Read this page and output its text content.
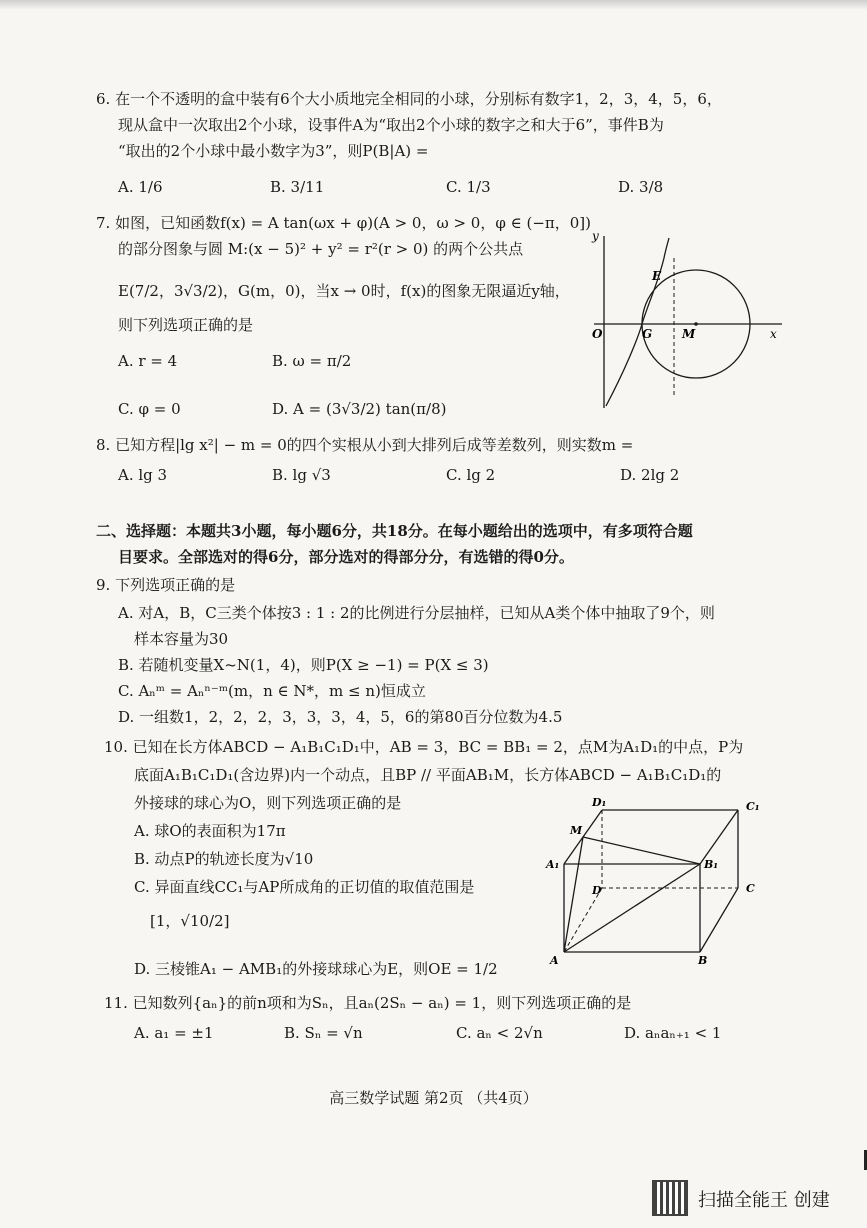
6. 在一个不透明的盒中装有6个大小质地完全相同的小球，分别标有数字1，2，3，4，5，6，
现从盒中一次取出2个小球，设事件A为“取出2个小球的数字之和大于6”，事件B为
“取出的2个小球中最小数字为3”，则P(B|A) =
A. 1/6	B. 3/11	C. 1/3	D. 3/8
7. 如图，已知函数f(x) = A tan(ωx + φ)(A > 0，ω > 0，φ ∈ (−π，0])
的部分图象与圆 M:(x − 5)² + y² = r²(r > 0) 的两个公共点
E(7/2，3√3/2)，G(m，0)，当x → 0时，f(x)的图象无限逼近y轴，
则下列选项正确的是
A. r = 4	B. ω = π/2
C. φ = 0	D. A = (3√3/2) tan(π/8)
y
x
O
E
G M
8. 已知方程|lg x²| − m = 0的四个实根从小到大排列后成等差数列，则实数m =
A. lg 3	B. lg √3	C. lg 2	D. 2lg 2
二、选择题：本题共3小题，每小题6分，共18分。在每小题给出的选项中，有多项符合题
目要求。全部选对的得6分，部分选对的得部分分，有选错的得0分。
9. 下列选项正确的是
A. 对A，B，C三类个体按3 : 1 : 2的比例进行分层抽样，已知从A类个体中抽取了9个，则
样本容量为30
B. 若随机变量X~N(1，4)，则P(X ≥ −1) = P(X ≤ 3)
C. Aₙᵐ = Aₙⁿ⁻ᵐ(m，n ∈ N*，m ≤ n)恒成立
D. 一组数1，2，2，2，3，3，3，4，5，6的第80百分位数为4.5
10. 已知在长方体ABCD − A₁B₁C₁D₁中，AB = 3，BC = BB₁ = 2，点M为A₁D₁的中点，P为
底面A₁B₁C₁D₁(含边界)内一个动点，且BP // 平面AB₁M，长方体ABCD − A₁B₁C₁D₁的
外接球的球心为O，则下列选项正确的是
A. 球O的表面积为17π
B. 动点P的轨迹长度为√10
C. 异面直线CC₁与AP所成角的正切值的取值范围是
[1，√10/2]
D. 三棱锥A₁ − AMB₁的外接球球心为E，则OE = 1/2
D₁	C₁
M
A₁	B₁
D	C
A	B
11. 已知数列{aₙ}的前n项和为Sₙ，且aₙ(2Sₙ − aₙ) = 1，则下列选项正确的是
A. a₁ = ±1	B. Sₙ = √n	C. aₙ < 2√n	D. aₙaₙ₊₁ < 1
高三数学试题 第2页 （共4页）
扫描全能王 创建
